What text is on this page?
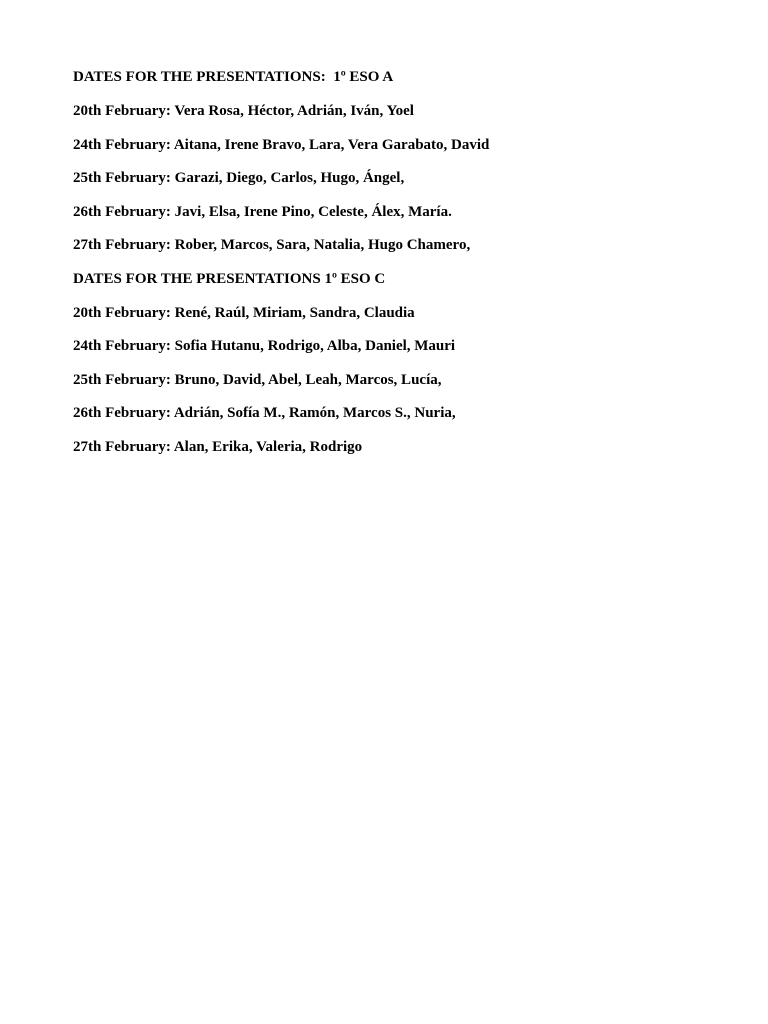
DATES FOR THE PRESENTATIONS:  1º ESO A

20th February: Vera Rosa, Héctor, Adrián, Iván, Yoel

24th February: Aitana, Irene Bravo, Lara, Vera Garabato, David

25th February: Garazi, Diego, Carlos, Hugo, Ángel,

26th February: Javi, Elsa, Irene Pino, Celeste, Álex, María.

27th February: Rober, Marcos, Sara, Natalia, Hugo Chamero,

DATES FOR THE PRESENTATIONS 1º ESO C

20th February: René, Raúl, Miriam, Sandra, Claudia

24th February: Sofia Hutanu, Rodrigo, Alba, Daniel, Mauri

25th February: Bruno, David, Abel, Leah, Marcos, Lucía,

26th February: Adrián, Sofía M., Ramón, Marcos S., Nuria,

27th February: Alan, Erika, Valeria, Rodrigo
